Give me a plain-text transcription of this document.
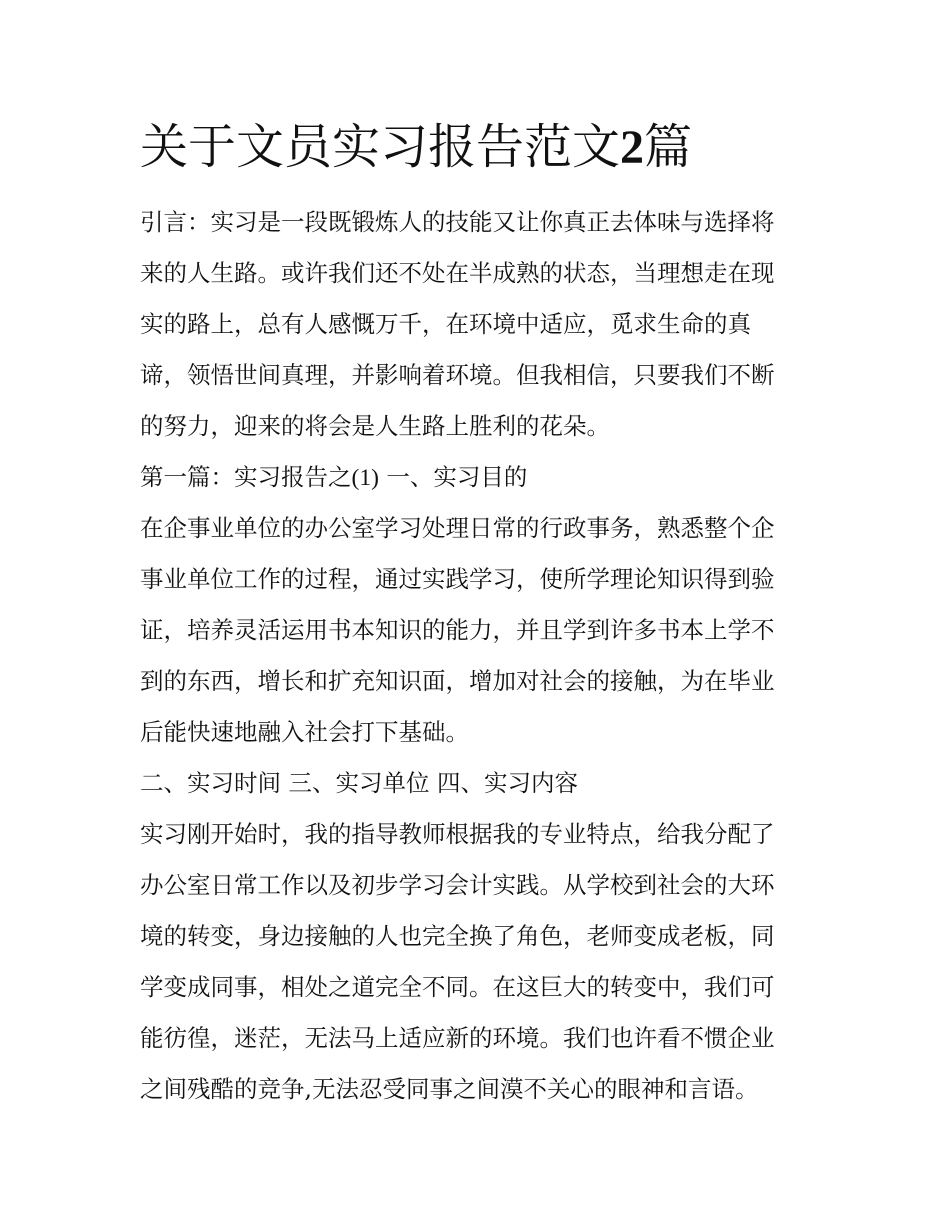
关于文员实习报告范文2篇

引言：实习是一段既锻炼人的技能又让你真正去体味与选择将

来的人生路。或许我们还不处在半成熟的状态，当理想走在现

实的路上，总有人感慨万千，在环境中适应，觅求生命的真

谛，领悟世间真理，并影响着环境。但我相信，只要我们不断

的努力，迎来的将会是人生路上胜利的花朵。

第一篇：实习报告之(1) 一、实习目的

在企事业单位的办公室学习处理日常的行政事务，熟悉整个企

事业单位工作的过程，通过实践学习，使所学理论知识得到验

证，培养灵活运用书本知识的能力，并且学到许多书本上学不

到的东西，增长和扩充知识面，增加对社会的接触，为在毕业

后能快速地融入社会打下基础。

二、实习时间 三、实习单位 四、实习内容

实习刚开始时，我的指导教师根据我的专业特点，给我分配了

办公室日常工作以及初步学习会计实践。从学校到社会的大环

境的转变，身边接触的人也完全换了角色，老师变成老板，同

学变成同事，相处之道完全不同。在这巨大的转变中，我们可

能彷徨，迷茫，无法马上适应新的环境。我们也许看不惯企业

之间残酷的竞争,无法忍受同事之间漠不关心的眼神和言语。
